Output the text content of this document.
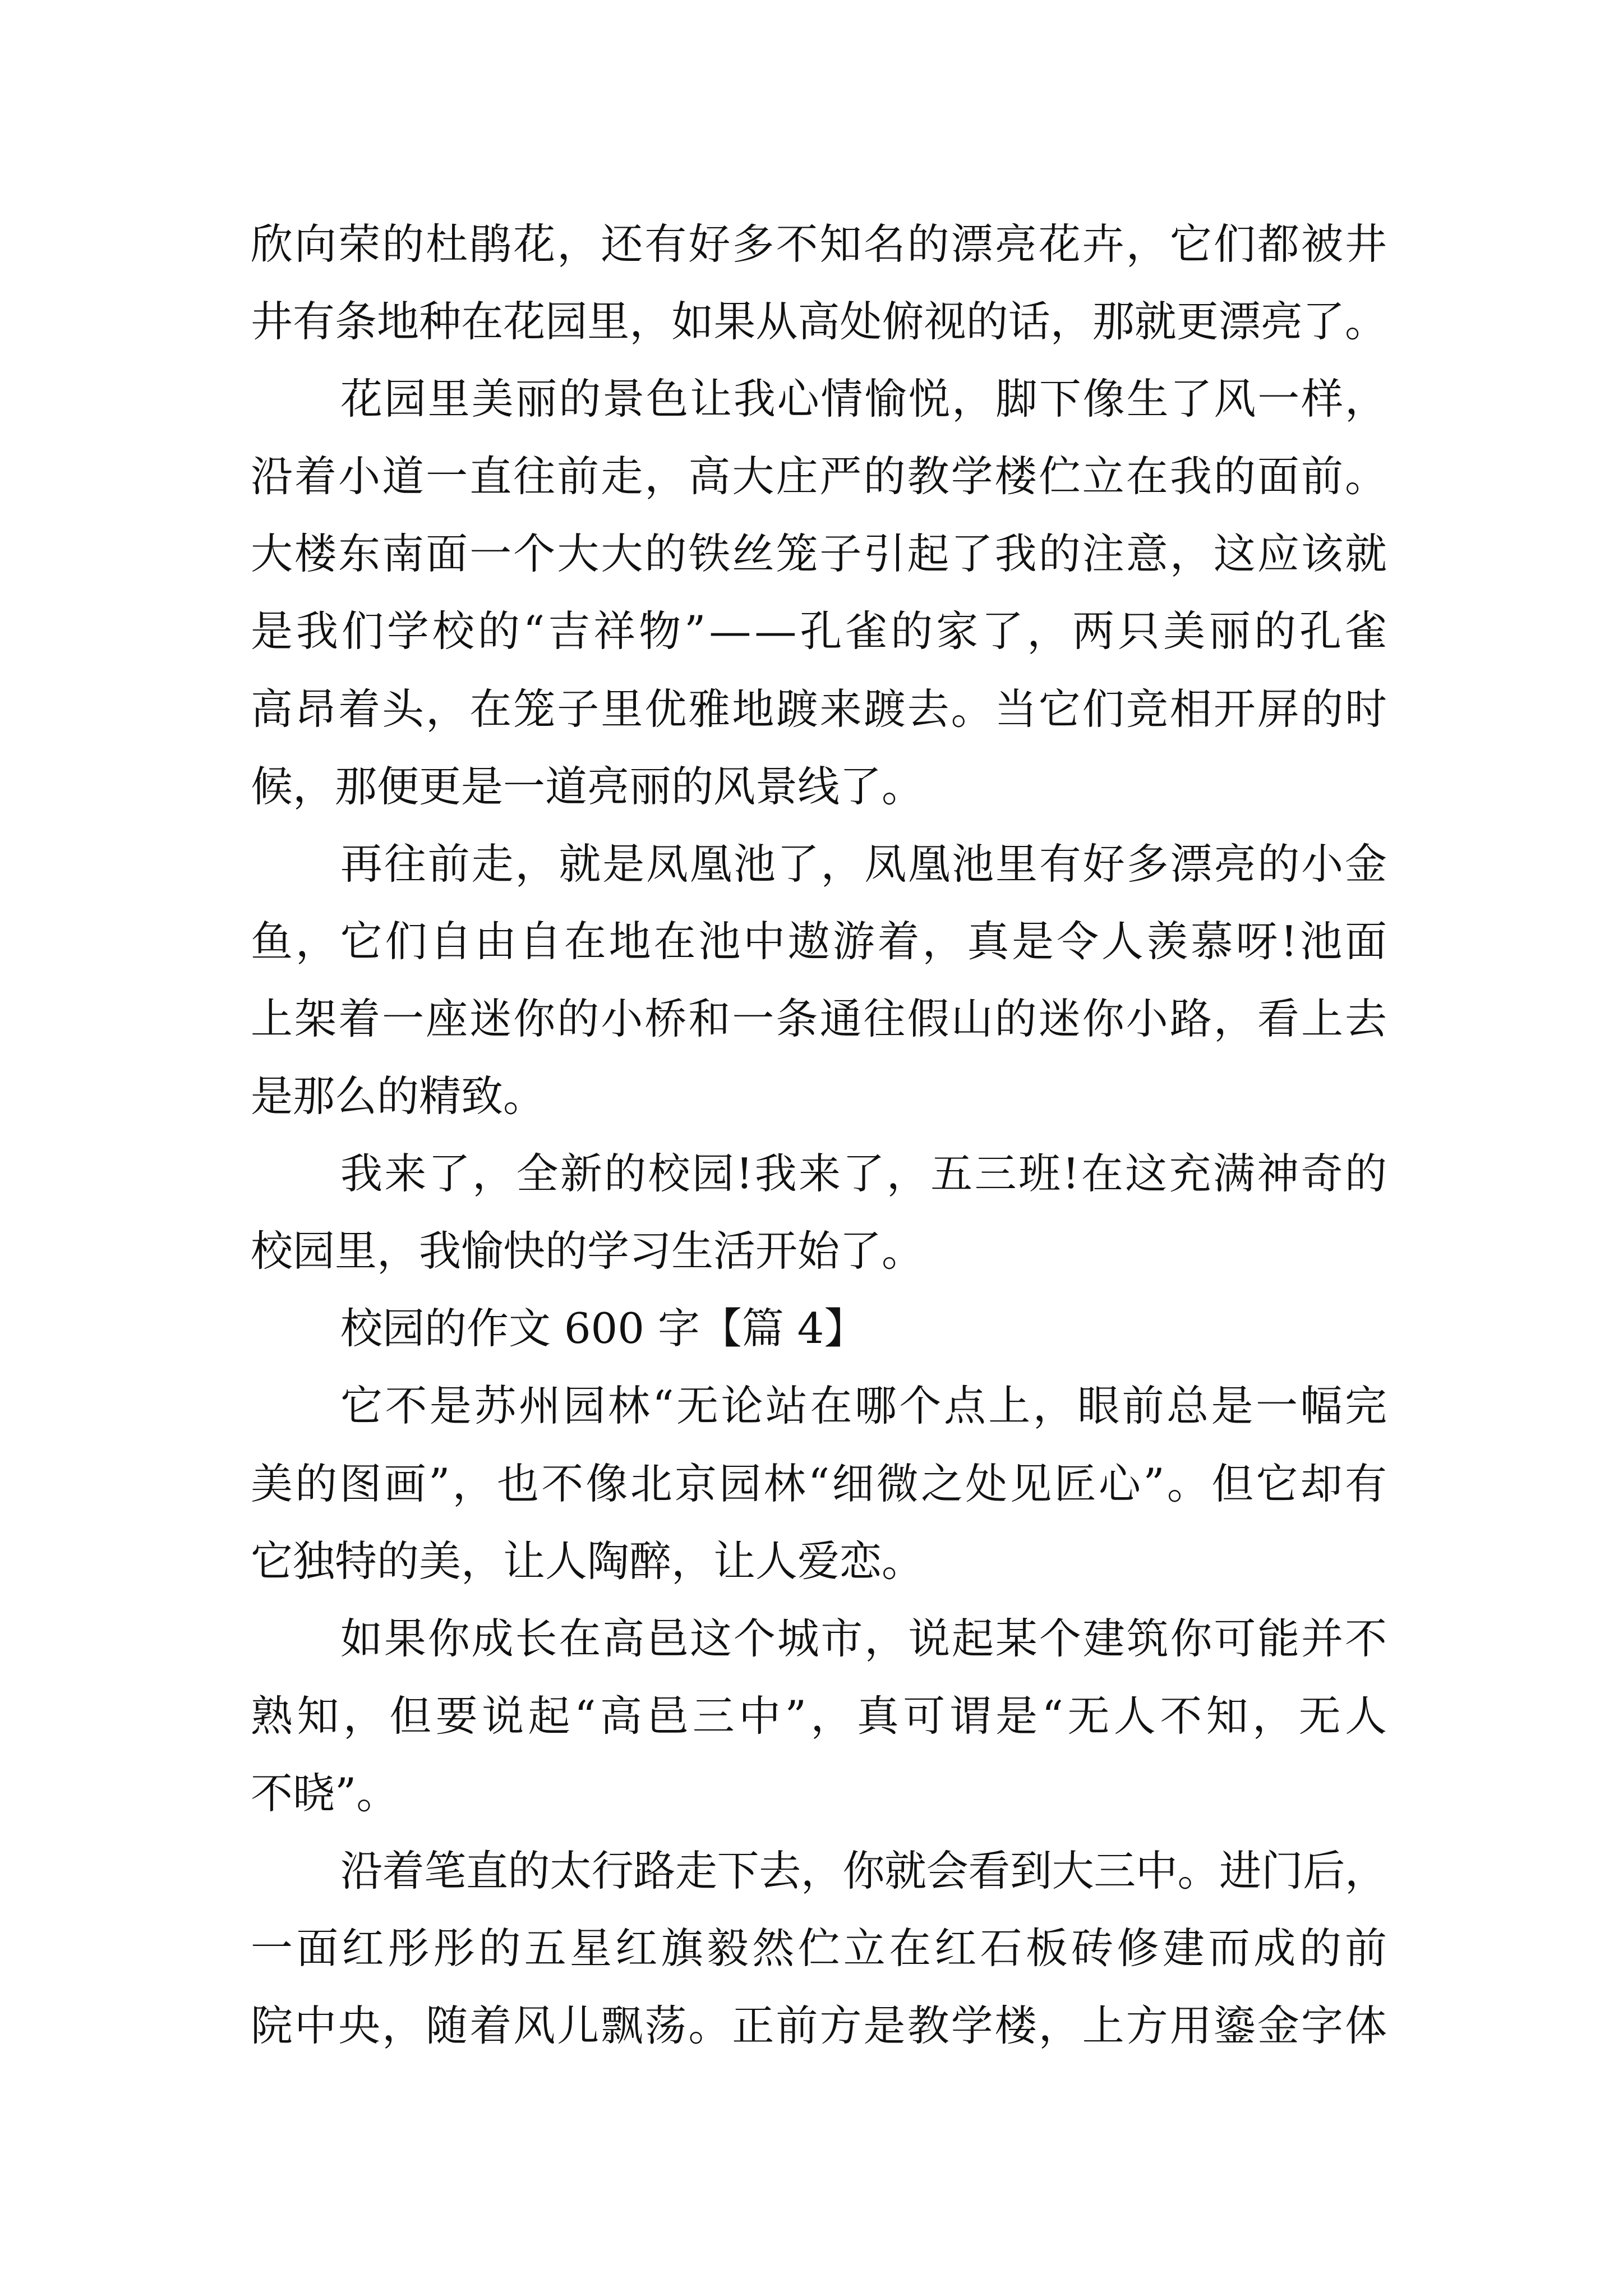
欣向荣的杜鹃花，还有好多不知名的漂亮花卉，它们都被井
井有条地种在花园里，如果从高处俯视的话，那就更漂亮了。
花园里美丽的景色让我心情愉悦，脚下像生了风一样，
沿着小道一直往前走，高大庄严的教学楼伫立在我的面前。
大楼东南面一个大大的铁丝笼子引起了我的注意，这应该就
是我们学校的“吉祥物”——孔雀的家了，两只美丽的孔雀
高昂着头，在笼子里优雅地踱来踱去。当它们竞相开屏的时
候，那便更是一道亮丽的风景线了。
再往前走，就是凤凰池了，凤凰池里有好多漂亮的小金
鱼，它们自由自在地在池中遨游着，真是令人羡慕呀!池面
上架着一座迷你的小桥和一条通往假山的迷你小路，看上去
是那么的精致。
我来了，全新的校园!我来了，五三班!在这充满神奇的
校园里，我愉快的学习生活开始了。
校园的作文 600 字【篇 4】
它不是苏州园林“无论站在哪个点上，眼前总是一幅完
美的图画”，也不像北京园林“细微之处见匠心”。但它却有
它独特的美，让人陶醉，让人爱恋。
如果你成长在高邑这个城市，说起某个建筑你可能并不
熟知，但要说起“高邑三中”，真可谓是“无人不知，无人
不晓”。
沿着笔直的太行路走下去，你就会看到大三中。进门后，
一面红彤彤的五星红旗毅然伫立在红石板砖修建而成的前
院中央，随着风儿飘荡。正前方是教学楼，上方用鎏金字体
